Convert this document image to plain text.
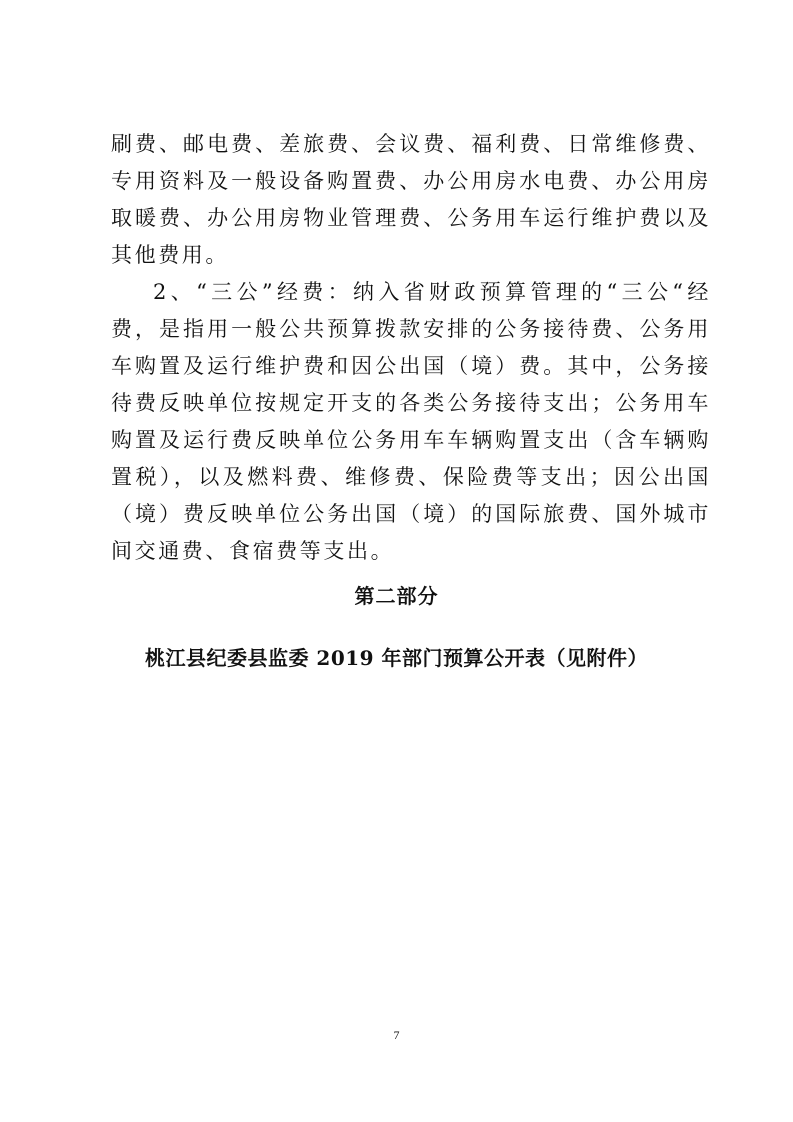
刷费、邮电费、差旅费、会议费、福利费、日常维修费、专用资料及一般设备购置费、办公用房水电费、办公用房取暖费、办公用房物业管理费、公务用车运行维护费以及其他费用。

2、“三公”经费：纳入省财政预算管理的“三公“经费，是指用一般公共预算拨款安排的公务接待费、公务用车购置及运行维护费和因公出国（境）费。其中，公务接待费反映单位按规定开支的各类公务接待支出；公务用车购置及运行费反映单位公务用车车辆购置支出（含车辆购置税），以及燃料费、维修费、保险费等支出；因公出国（境）费反映单位公务出国（境）的国际旅费、国外城市间交通费、食宿费等支出。

第二部分
桃江县纪委县监委 2019 年部门预算公开表（见附件）
7
